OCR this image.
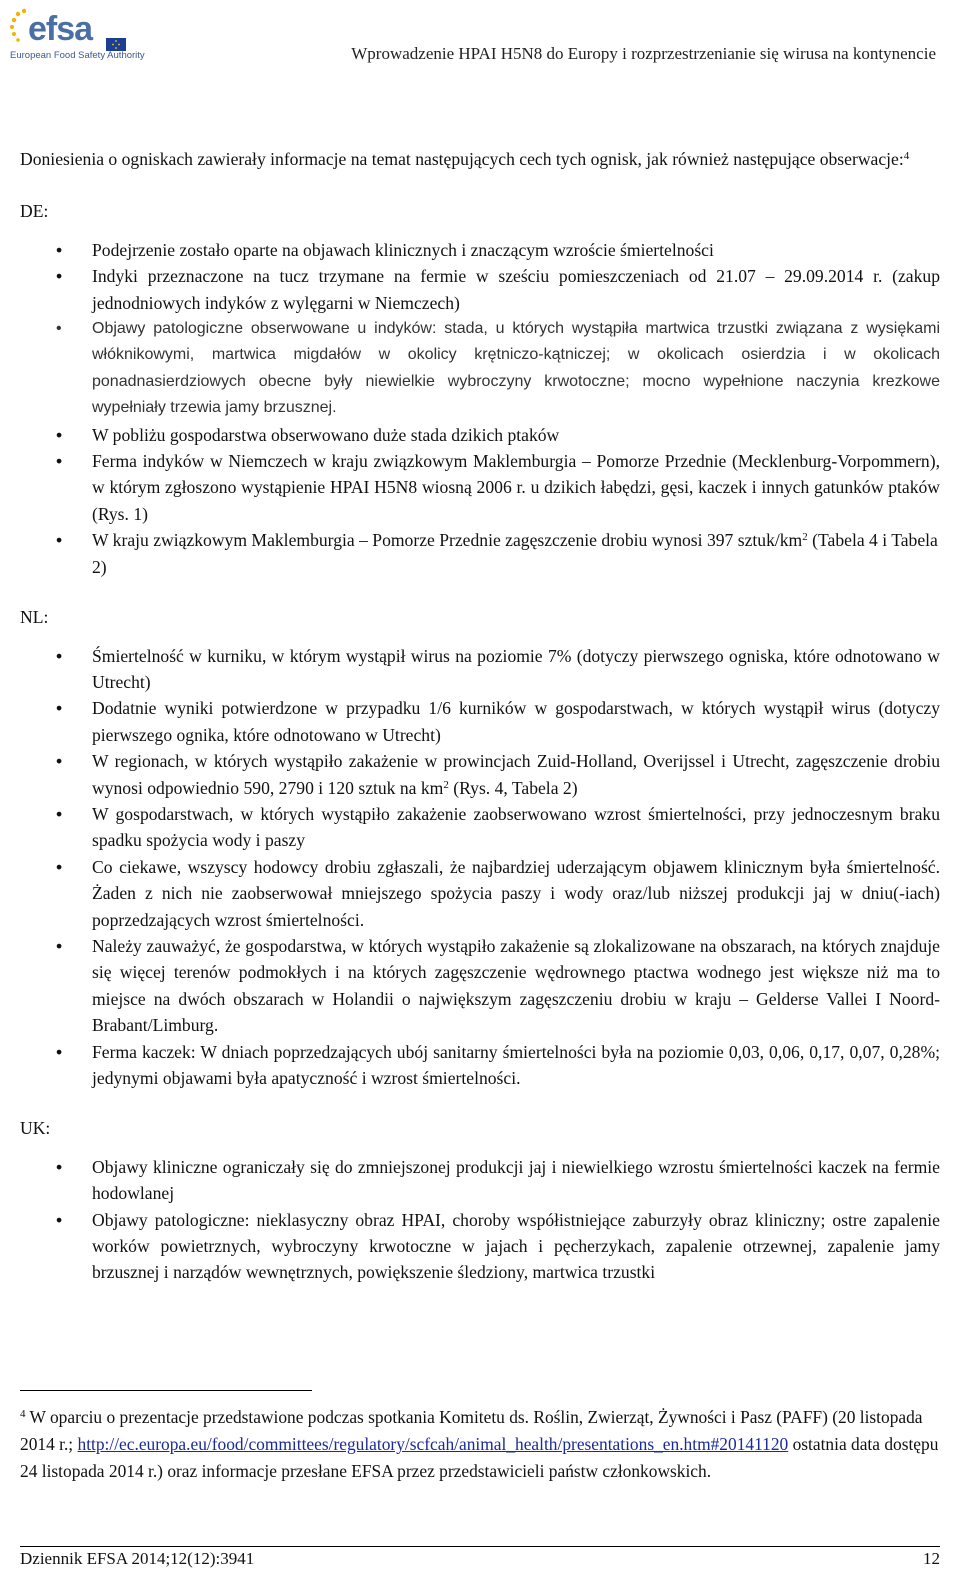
efsa
European Food Safety Authority	Wprowadzenie HPAI H5N8 do Europy i rozprzestrzenianie się wirusa na kontynencie

Doniesienia o ogniskach zawierały informacje na temat następujących cech tych ognisk, jak również następujące obserwacje:$^4$

DE:

• Podejrzenie zostało oparte na objawach klinicznych i znaczącym wzroście śmiertelności
• Indyki przeznaczone na tucz trzymane na fermie w sześciu pomieszczeniach od 21.07 – 29.09.2014 r. (zakup jednodniowych indyków z wylęgarni w Niemczech)
• Objawy patologiczne obserwowane u indyków: stada, u których wystąpiła martwica trzustki związana z wysiękami włóknikowymi, martwica migdałów w okolicy krętniczo-kątniczej; w okolicach osierdzia i w okolicach ponadnasierdziowych obecne były niewielkie wybroczyny krwotoczne; mocno wypełnione naczynia krezkowe wypełniały trzewia jamy brzusznej.
• W pobliżu gospodarstwa obserwowano duże stada dzikich ptaków
• Ferma indyków w Niemczech w kraju związkowym Maklemburgia – Pomorze Przednie (Mecklenburg-Vorpommern), w którym zgłoszono wystąpienie HPAI H5N8 wiosną 2006 r. u dzikich łabędzi, gęsi, kaczek i innych gatunków ptaków (Rys. 1)
• W kraju związkowym Maklemburgia – Pomorze Przednie zagęszczenie drobiu wynosi 397 sztuk/$km^2$ (Tabela 4 i Tabela 2)

NL:

• Śmiertelność w kurniku, w którym wystąpił wirus na poziomie 7% (dotyczy pierwszego ogniska, które odnotowano w Utrecht)
• Dodatnie wyniki potwierdzone w przypadku 1/6 kurników w gospodarstwach, w których wystąpił wirus (dotyczy pierwszego ognika, które odnotowano w Utrecht)
• W regionach, w których wystąpiło zakażenie w prowincjach Zuid-Holland, Overijssel i Utrecht, zagęszczenie drobiu wynosi odpowiednio 590, 2790 i 120 sztuk na $km^2$ (Rys. 4, Tabela 2)
• W gospodarstwach, w których wystąpiło zakażenie zaobserwowano wzrost śmiertelności, przy jednoczesnym braku spadku spożycia wody i paszy
• Co ciekawe, wszyscy hodowcy drobiu zgłaszali, że najbardziej uderzającym objawem klinicznym była śmiertelność. Żaden z nich nie zaobserwował mniejszego spożycia paszy i wody oraz/lub niższej produkcji jaj w dniu(-iach) poprzedzających wzrost śmiertelności.
• Należy zauważyć, że gospodarstwa, w których wystąpiło zakażenie są zlokalizowane na obszarach, na których znajduje się więcej terenów podmokłych i na których zagęszczenie wędrownego ptactwa wodnego jest większe niż ma to miejsce na dwóch obszarach w Holandii o największym zagęszczeniu drobiu w kraju – Gelderse Vallei I Noord-Brabant/Limburg.
• Ferma kaczek: W dniach poprzedzających ubój sanitarny śmiertelności była na poziomie 0,03, 0,06, 0,17, 0,07, 0,28%; jedynymi objawami była apatyczność i wzrost śmiertelności.

UK:

• Objawy kliniczne ograniczały się do zmniejszonej produkcji jaj i niewielkiego wzrostu śmiertelności kaczek na fermie hodowlanej
• Objawy patologiczne: nieklasyczny obraz HPAI, choroby współistniejące zaburzyły obraz kliniczny; ostre zapalenie worków powietrznych, wybroczyny krwotoczne w jajach i pęcherzykach, zapalenie otrzewnej, zapalenie jamy brzusznej i narządów wewnętrznych, powiększenie śledziony, martwica trzustki
$^4$ W oparciu o prezentacje przedstawione podczas spotkania Komitetu ds. Roślin, Zwierząt, Żywności i Pasz (PAFF) (20 listopada 2014 r.; http://ec.europa.eu/food/committees/regulatory/scfcah/animal_health/presentations_en.htm#20141120 ostatnia data dostępu 24 listopada 2014 r.) oraz informacje przesłane EFSA przez przedstawicieli państw członkowskich.
Dziennik EFSA 2014;12(12):3941	12
